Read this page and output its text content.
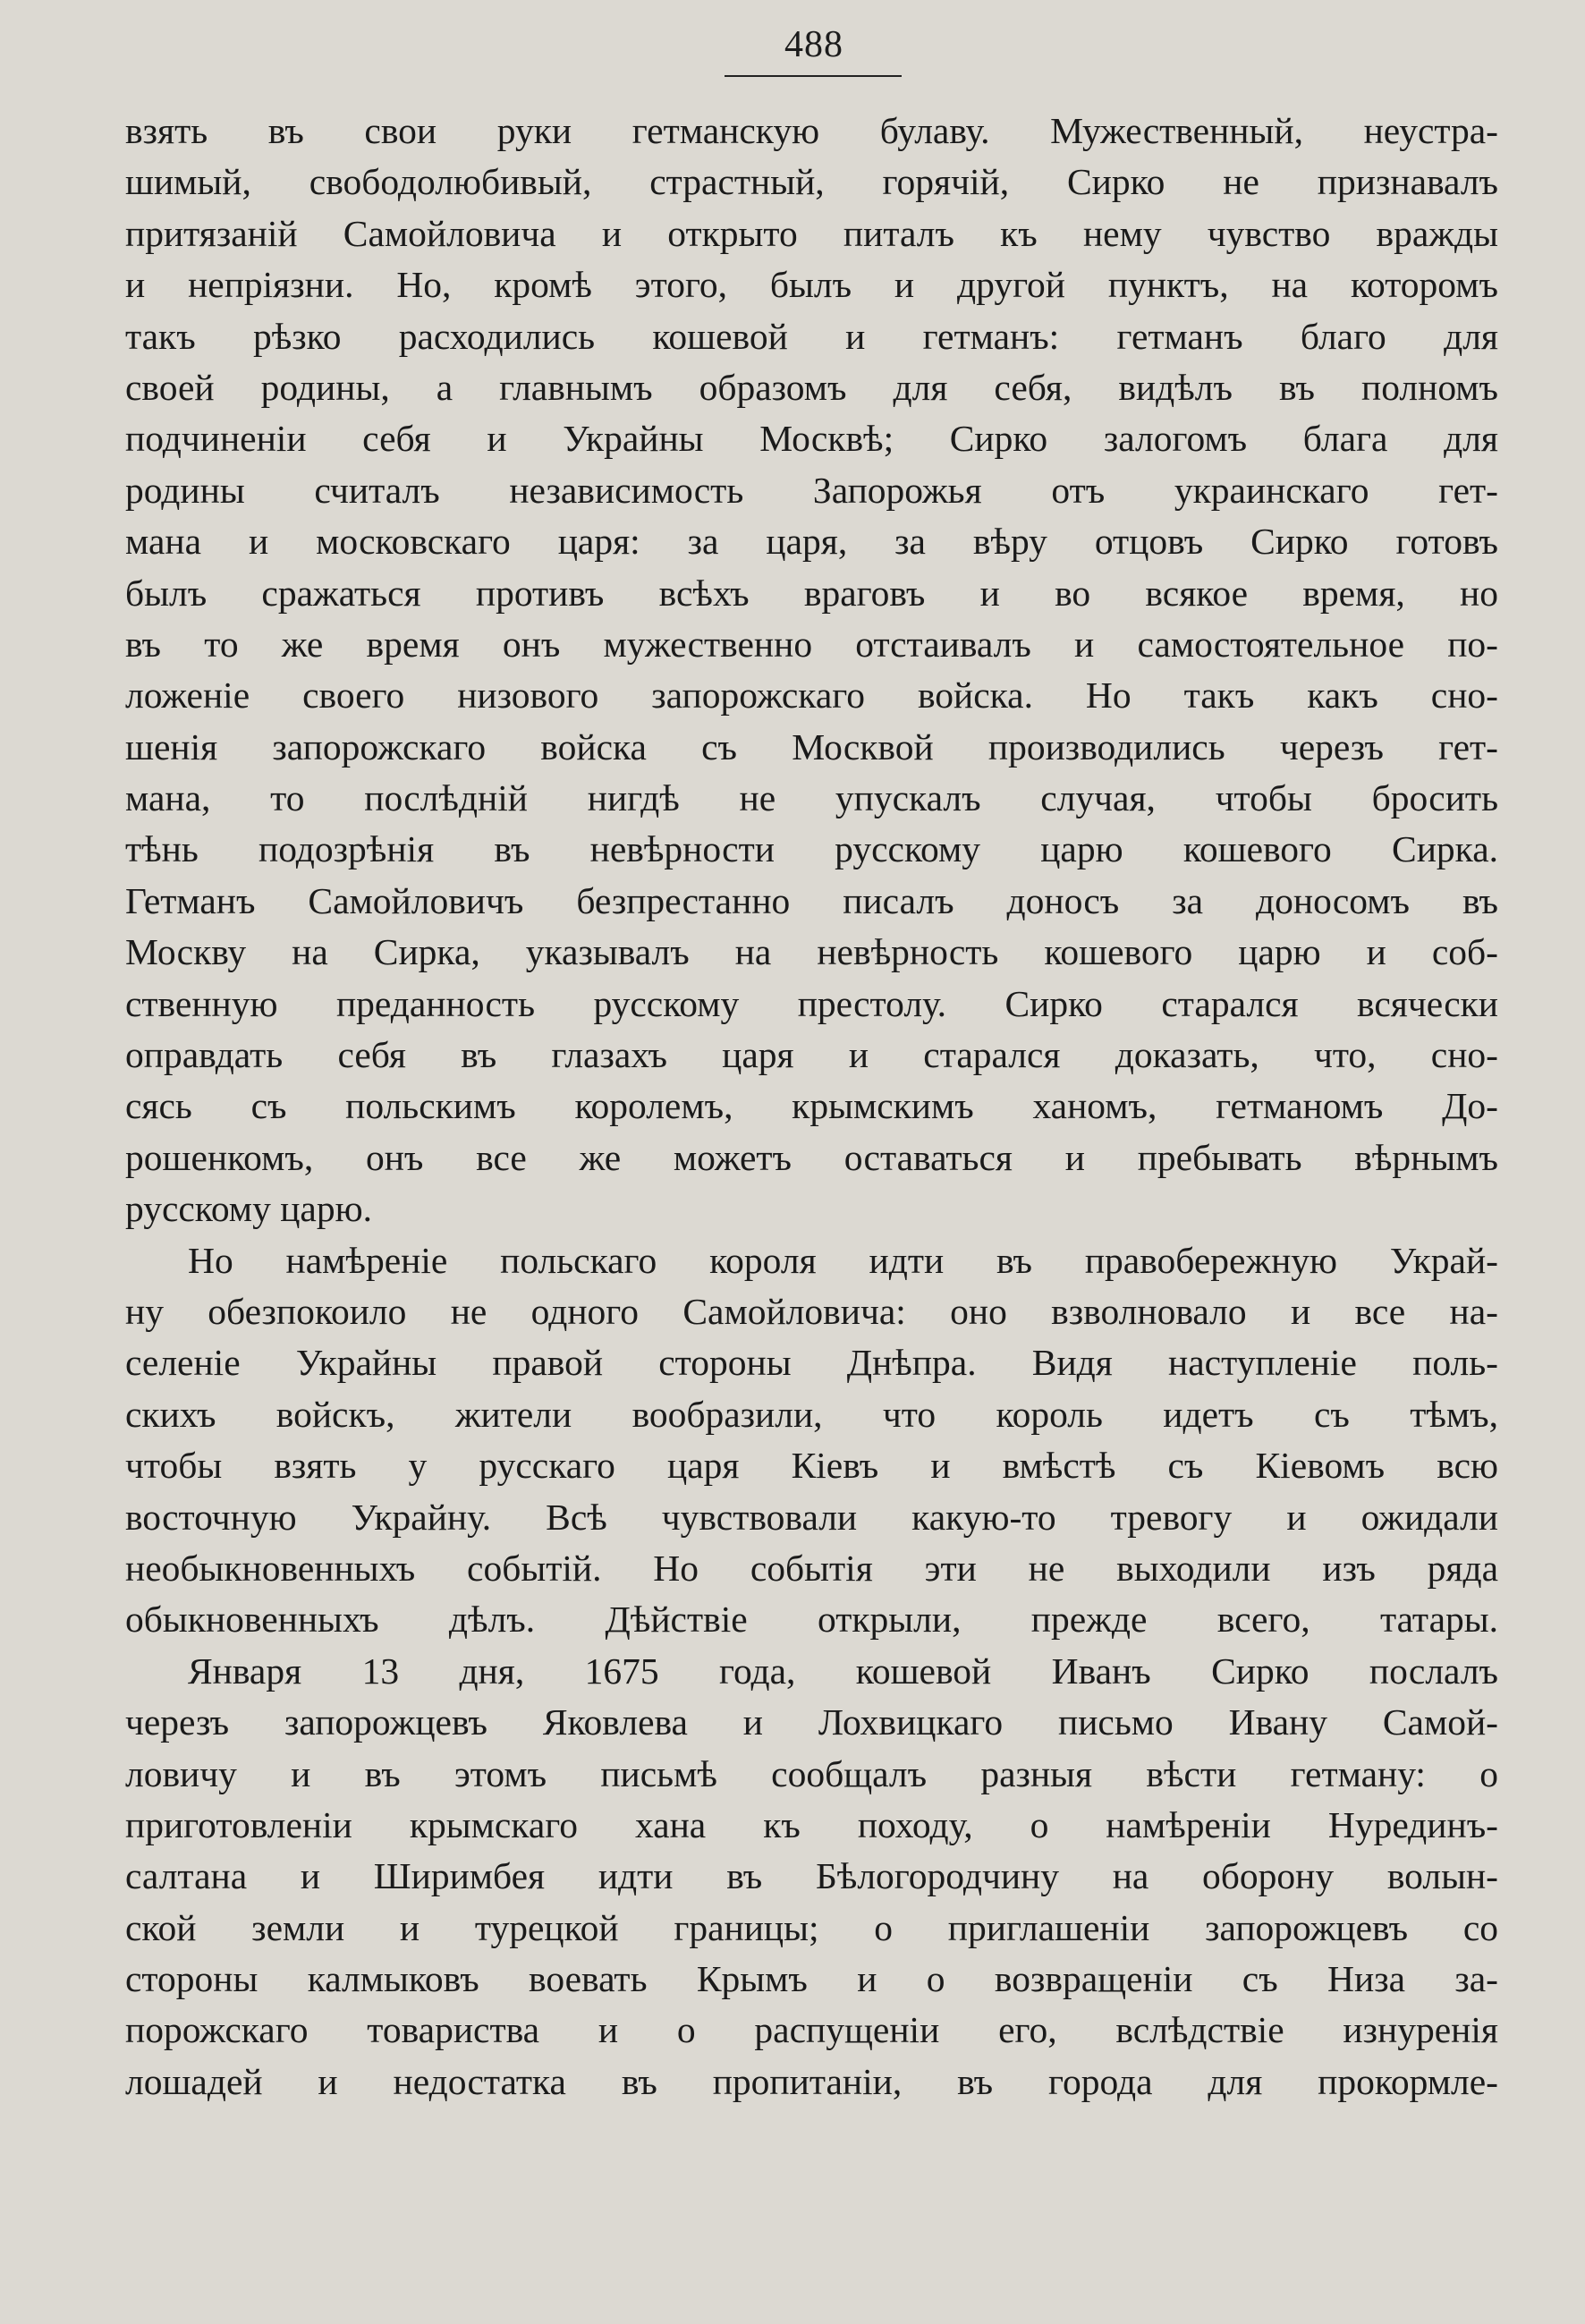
488
взять въ свои руки гетманскую булаву. Мужественный, неустра-
шимый, свободолюбивый, страстный, горячій, Сирко не признавалъ
притязаній Самойловича и открыто питалъ къ нему чувство вражды
и непріязни. Но, кромѣ этого, былъ и другой пунктъ, на которомъ
такъ рѣзко расходились кошевой и гетманъ: гетманъ благо для
своей родины, а главнымъ образомъ для себя, видѣлъ въ полномъ
подчиненіи себя и Украйны Москвѣ; Сирко залогомъ блага для
родины считалъ независимость Запорожья отъ украинскаго гет-
мана и московскаго царя: за царя, за вѣру отцовъ Сирко готовъ
былъ сражаться противъ всѣхъ враговъ и во всякое время, но
въ то же время онъ мужественно отстаивалъ и самостоятельное по-
ложеніе своего низового запорожскаго войска. Но такъ какъ сно-
шенія запорожскаго войска съ Москвой производились черезъ гет-
мана, то послѣдній нигдѣ не упускалъ случая, чтобы бросить
тѣнь подозрѣнія въ невѣрности русскому царю кошевого Сирка.
Гетманъ Самойловичъ безпрестанно писалъ доносъ за доносомъ въ
Москву на Сирка, указывалъ на невѣрность кошевого царю и соб-
ственную преданность русскому престолу. Сирко старался всячески
оправдать себя въ глазахъ царя и старался доказать, что, сно-
сясь съ польскимъ королемъ, крымскимъ ханомъ, гетманомъ До-
рошенкомъ, онъ все же можетъ оставаться и пребывать вѣрнымъ
русскому царю.
Но намѣреніе польскаго короля идти въ правобережную Украй-
ну обезпокоило не одного Самойловича: оно взволновало и все на-
селеніе Украйны правой стороны Днѣпра. Видя наступленіе поль-
скихъ войскъ, жители вообразили, что король идетъ съ тѣмъ,
чтобы взять у русскаго царя Кіевъ и вмѣстѣ съ Кіевомъ всю
восточную Украйну. Всѣ чувствовали какую-то тревогу и ожидали
необыкновенныхъ событій. Но событія эти не выходили изъ ряда
обыкновенныхъ дѣлъ. Дѣйствіе открыли, прежде всего, татары.
Января 13 дня, 1675 года, кошевой Иванъ Сирко послалъ
черезъ запорожцевъ Яковлева и Лохвицкаго письмо Ивану Самой-
ловичу и въ этомъ письмѣ сообщалъ разныя вѣсти гетману: о
приготовленіи крымскаго хана къ походу, о намѣреніи Нурединъ-
салтана и Ширимбея идти въ Бѣлогородчину на оборону волын-
ской земли и турецкой границы; о приглашеніи запорожцевъ со
стороны калмыковъ воевать Крымъ и о возвращеніи съ Низа за-
порожскаго товариства и о распущеніи его, вслѣдствіе изнуренія
лошадей и недостатка въ пропитаніи, въ города для прокормле-
